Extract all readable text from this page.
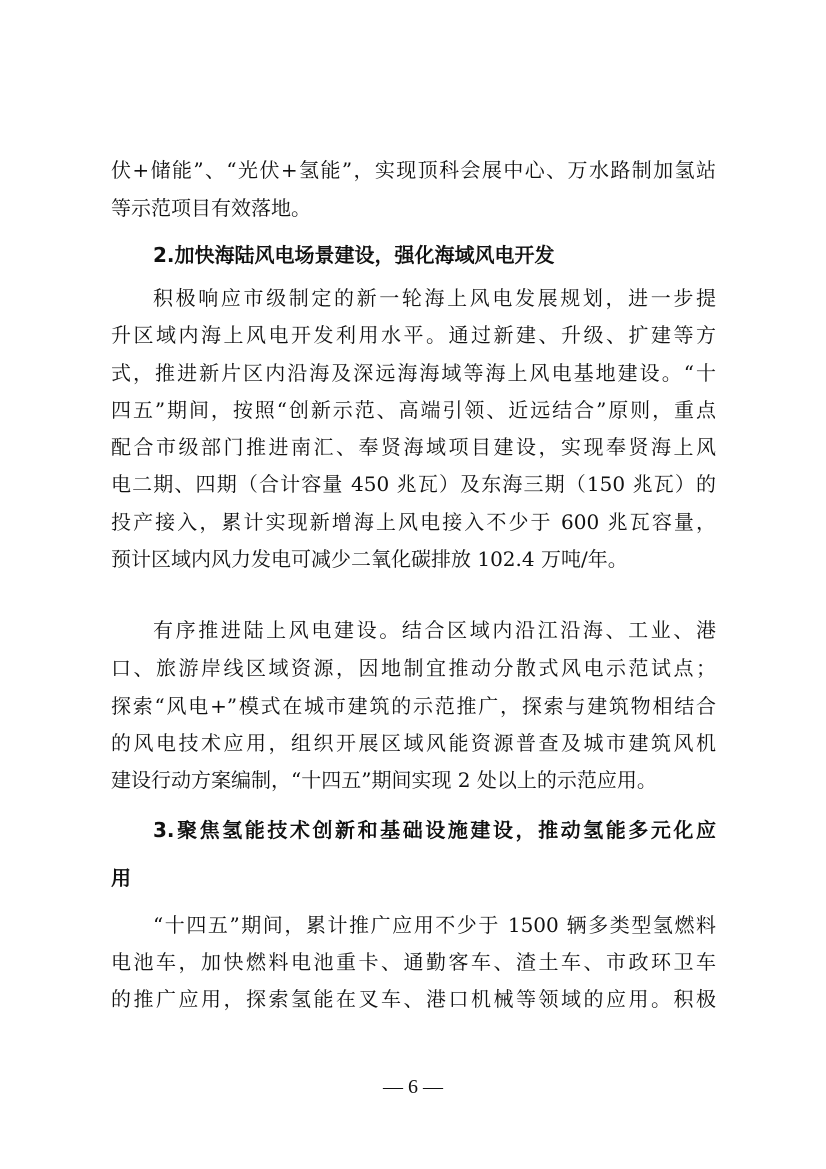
伏+储能”、“光伏+氢能”，实现顶科会展中心、万水路制加氢站
等示范项目有效落地。
2.加快海陆风电场景建设，强化海域风电开发
积极响应市级制定的新一轮海上风电发展规划，进一步提
升区域内海上风电开发利用水平。通过新建、升级、扩建等方
式，推进新片区内沿海及深远海海域等海上风电基地建设。“十
四五”期间，按照“创新示范、高端引领、近远结合”原则，重点
配合市级部门推进南汇、奉贤海域项目建设，实现奉贤海上风
电二期、四期（合计容量 450 兆瓦）及东海三期（150 兆瓦）的
投产接入，累计实现新增海上风电接入不少于 600 兆瓦容量，
预计区域内风力发电可减少二氧化碳排放 102.4 万吨/年。
有序推进陆上风电建设。结合区域内沿江沿海、工业、港
口、旅游岸线区域资源，因地制宜推动分散式风电示范试点；
探索“风电+”模式在城市建筑的示范推广，探索与建筑物相结合
的风电技术应用，组织开展区域风能资源普查及城市建筑风机
建设行动方案编制，“十四五”期间实现 2 处以上的示范应用。
3.聚焦氢能技术创新和基础设施建设，推动氢能多元化应
用
“十四五”期间，累计推广应用不少于 1500 辆多类型氢燃料
电池车，加快燃料电池重卡、通勤客车、渣土车、市政环卫车
的推广应用，探索氢能在叉车、港口机械等领域的应用。积极
— 6 —
